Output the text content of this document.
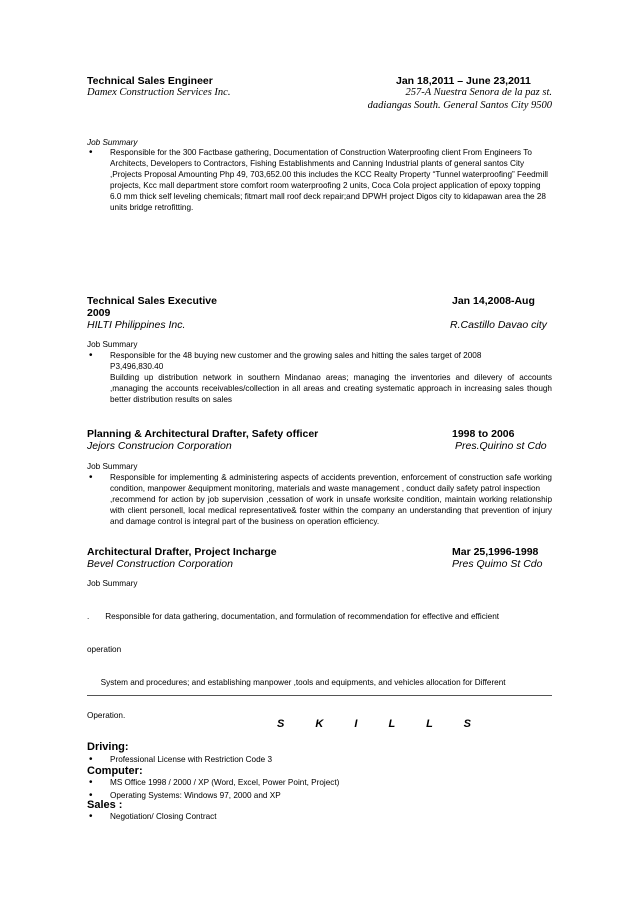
Technical Sales Engineer	Jan 18,2011 – June 23,2011
Damex Construction Services Inc.	257-A Nuestra Senora de la paz st.
dadiangas South. General Santos City 9500
Job Summary
• Responsible for the 300 Factbase gathering, Documentation of Construction Waterproofing client From Engineers To Architects, Developers to Contractors, Fishing Establishments and Canning Industrial plants of general santos City ,Projects Proposal Amounting Php 49, 703,652.00 this includes the KCC Realty Property “Tunnel waterproofing” Feedmill projects, Kcc mall department store comfort room waterproofing 2 units, Coca Cola project application of epoxy topping 6.0 mm thick self leveling chemicals; fitmart mall roof deck repair;and DPWH project Digos city to kidapawan area the 28 units bridge retrofitting.
Technical Sales Executive	Jan 14,2008-Aug
2009
HILTI Philippines Inc.	R.Castillo Davao city
Job Summary
• Responsible for the 48 buying new customer and the growing sales and hitting the sales target of 2008
P3,496,830.40
Building up distribution network in southern Mindanao areas; managing the inventories and dilevery of accounts ,managing the accounts receivables/collection in all areas and creating systematic approach in increasing sales though better distribution results on sales
Planning & Architectural Drafter, Safety officer	1998 to 2006
Jejors Construcion Corporation	Pres.Quirino st Cdo
Job Summary
• Responsible for implementing & administering aspects of accidents prevention, enforcement of construction safe working condition, manpower &equipment monitoring, materials and waste management , conduct daily safety patrol inspection
,recommend for action by job supervision ,cessation of work in unsafe worksite condition, maintain working relationship with client personell, local medical representative& foster within the company an understanding that prevention of injury and damage control is integral part of the business on operation efficiency.
Architectural Drafter, Project Incharge	Mar 25,1996-1998
Bevel Construction Corporation	Pres Quimo St Cdo
Job Summary

.       Responsible for data gathering, documentation, and formulation of recommendation for effective and efficient

operation

System and procedures; and establishing manpower ,tools and equipments, and vehicles allocation for Different

Operation.

S K I L L S
Driving:
• Professional License with Restriction Code 3
Computer:
• MS Office 1998 / 2000 / XP (Word, Excel, Power Point, Project)
• Operating Systems: Windows 97, 2000 and XP
Sales :
• Negotiation/ Closing Contract
